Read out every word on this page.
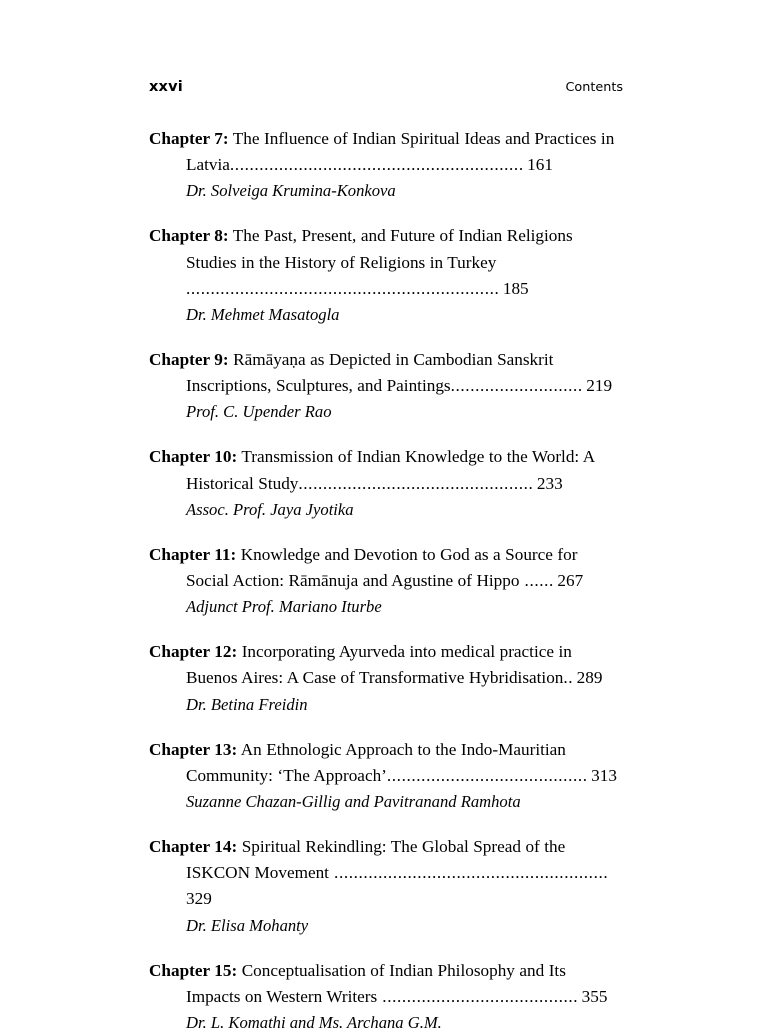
xxvi	Contents

Chapter 7: The Influence of Indian Spiritual Ideas and Practices in Latvia............................................................  161

Dr. Solveiga Krumina-Konkova

Chapter 8: The Past, Present, and Future of Indian Religions Studies in the History of Religions in Turkey ................................................................  185

Dr. Mehmet Masatogla

Chapter 9: Rāmāyaṇa as Depicted in Cambodian Sanskrit Inscriptions, Sculptures, and Paintings...........................  219

Prof. C. Upender Rao

Chapter 10: Transmission of Indian Knowledge to the World: A Historical Study................................................  233

Assoc. Prof. Jaya Jyotika

Chapter 11: Knowledge and Devotion to God as a Source for Social Action: Rāmānuja and Agustine of Hippo ......  267

Adjunct Prof. Mariano Iturbe

Chapter 12: Incorporating Ayurveda into medical practice in Buenos Aires: A Case of Transformative Hybridisation..  289

Dr. Betina Freidin

Chapter 13: An Ethnologic Approach to the Indo-Mauritian Community: ‘The Approach’.........................................  313

Suzanne Chazan-Gillig and Pavitranand Ramhota

Chapter 14: Spiritual Rekindling: The Global Spread of the ISKCON Movement ........................................................ 329

Dr. Elisa Mohanty

Chapter 15: Conceptualisation of Indian Philosophy and Its Impacts on Western Writers ........................................  355

Dr. L. Komathi and Ms. Archana G.M.
